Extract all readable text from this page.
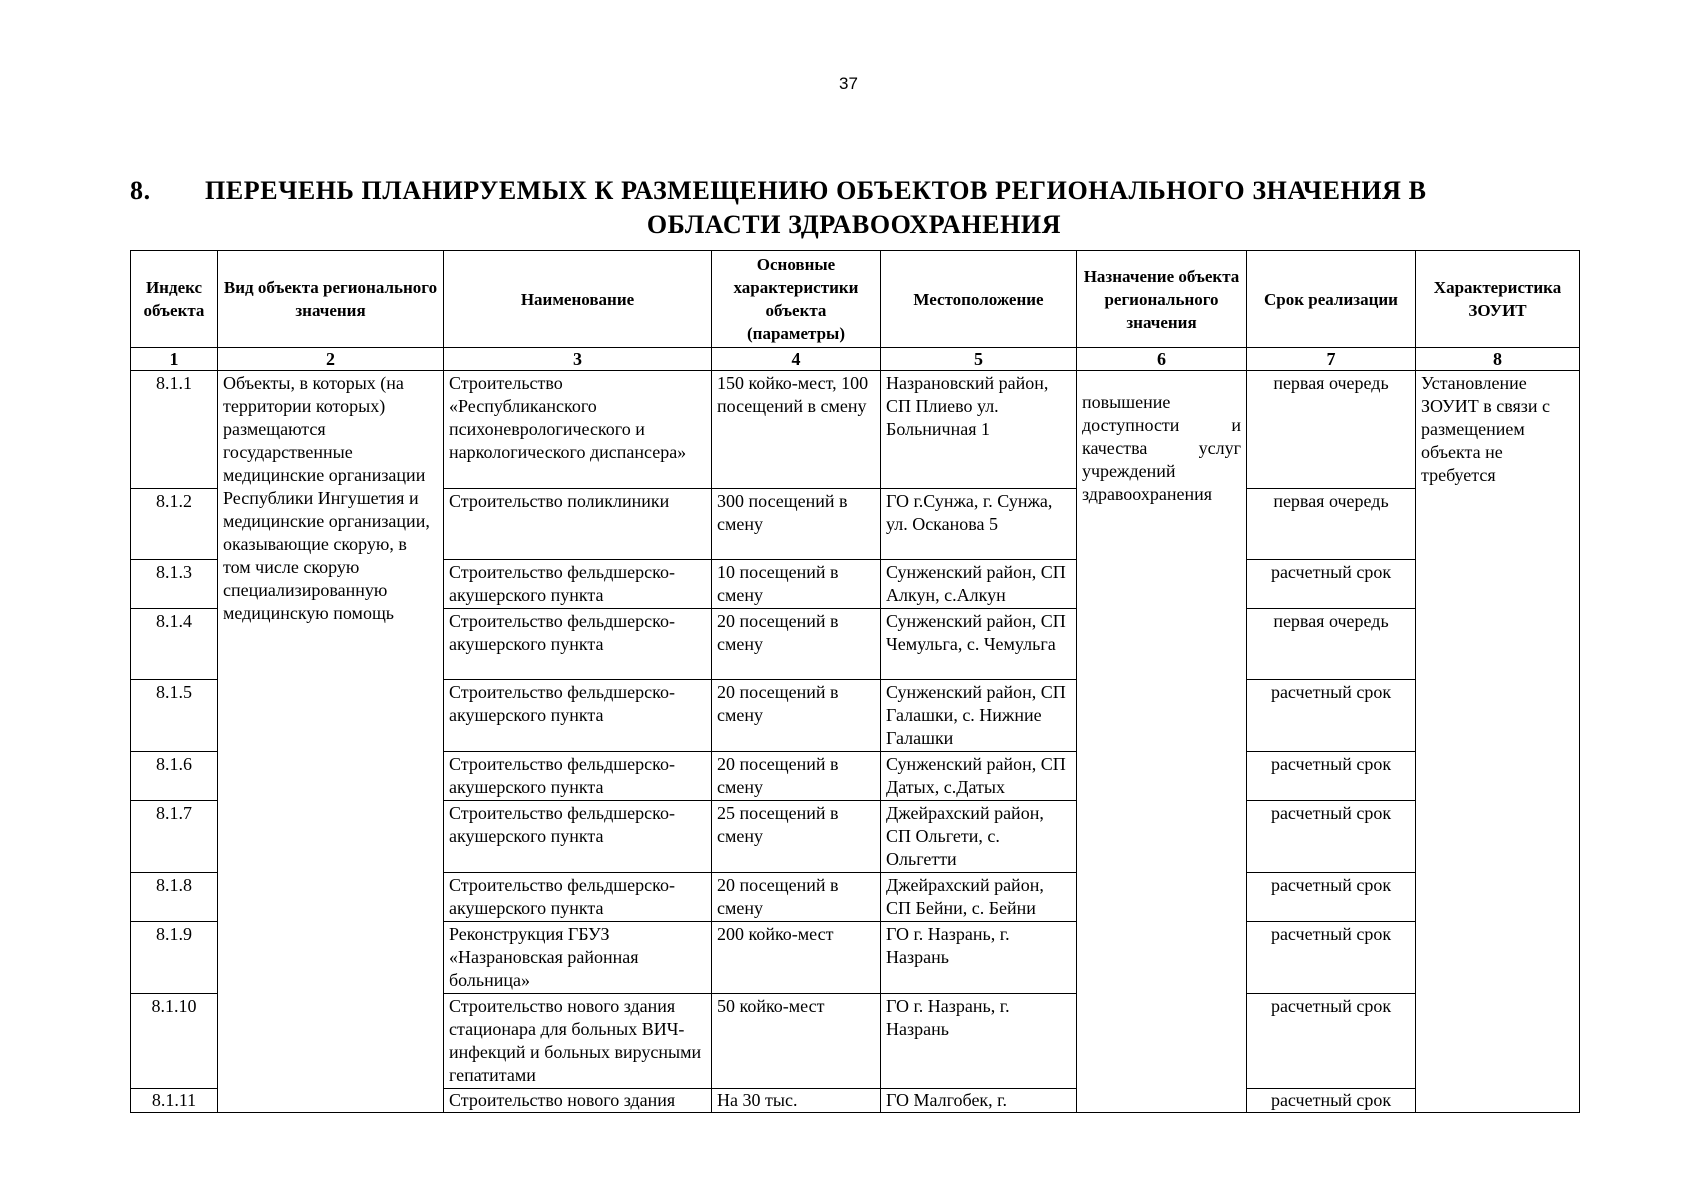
37
8. ПЕРЕЧЕНЬ ПЛАНИРУЕМЫХ К РАЗМЕЩЕНИЮ ОБЪЕКТОВ РЕГИОНАЛЬНОГО ЗНАЧЕНИЯ В
ОБЛАСТИ ЗДРАВООХРАНЕНИЯ
Индекс объекта	Вид объекта регионального значения	Наименование	Основные характеристики объекта (параметры)	Местоположение	Назначение объекта регионального значения	Срок реализации	Характеристика ЗОУИТ
1	2	3	4	5	6	7	8
8.1.1	Объекты, в которых (на территории которых) размещаются государственные медицинские организации Республики Ингушетия и медицинские организации, оказывающие скорую, в том числе скорую специализированную медицинскую помощь	Строительство «Республиканского психоневрологического и наркологического диспансера»	150 койко-мест, 100 посещений в смену	Назрановский район, СП Плиево ул. Больничная 1	повышение доступности и качества услуг учреждений здравоохранения	первая очередь	Установление ЗОУИТ в связи с размещением объекта не требуется
8.1.2		Строительство поликлиники	300 посещений в смену	ГО г.Сунжа, г. Сунжа, ул. Осканова 5		первая очередь	
8.1.3		Строительство фельдшерско-акушерского пункта	10 посещений в смену	Сунженский район, СП Алкун, с.Алкун		расчетный срок	
8.1.4		Строительство фельдшерско-акушерского пункта	20 посещений в смену	Сунженский район, СП Чемульга, с. Чемульга		первая очередь	
8.1.5		Строительство фельдшерско-акушерского пункта	20 посещений в смену	Сунженский район, СП Галашки, с. Нижние Галашки		расчетный срок	
8.1.6		Строительство фельдшерско-акушерского пункта	20 посещений в смену	Сунженский район, СП Датых, с.Датых		расчетный срок	
8.1.7		Строительство фельдшерско-акушерского пункта	25 посещений в смену	Джейрахский район, СП Ольгети, с. Ольгетти		расчетный срок	
8.1.8		Строительство фельдшерско-акушерского пункта	20 посещений в смену	Джейрахский район, СП Бейни, с. Бейни		расчетный срок	
8.1.9		Реконструкция ГБУЗ «Назрановская районная больница»	200 койко-мест	ГО г. Назрань, г. Назрань		расчетный срок	
8.1.10		Строительство нового здания стационара для больных ВИЧ-инфекций и больных вирусными гепатитами	50 койко-мест	ГО г. Назрань, г. Назрань		расчетный срок	
8.1.11		Строительство нового здания	На 30 тыс.	ГО Малгобек, г.		расчетный срок	
